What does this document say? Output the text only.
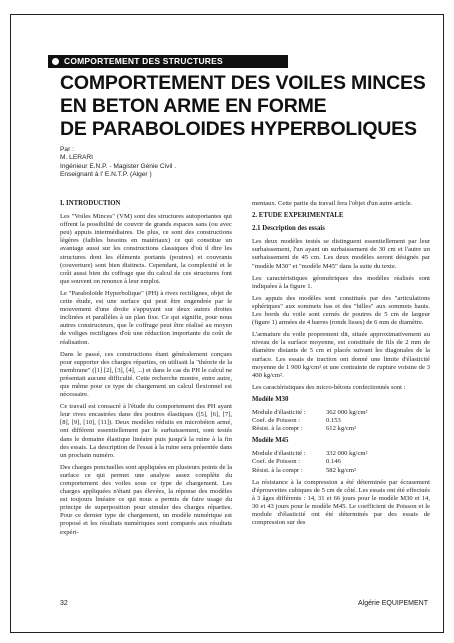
COMPORTEMENT DES STRUCTURES
COMPORTEMENT DES VOILES MINCES
EN BETON ARME EN FORME
DE PARABOLOIDES HYPERBOLIQUES
Par :
M. LERARI
Ingénieur E.N.P. - Magister Génie Civil .
Enseignant à l' E.N.T.P. (Alger )
I. INTRODUCTION

Les "Voiles Minces" (VM) sont des structures autoportantes qui offrent la possibilité de couvrir de grands espaces sans (ou avec peu) appuis intermédiaires. De plus, ce sont des constructions légères (faibles besoins en matériaux) ce qui constitue un avantage aussi sur les constructions classiques d'où il dire les structures dont les éléments portants (poutres) et couvrants (couverture) sont bien distincts. Cependant, la complexité et le coût aussi bien du coffrage que du calcul de ces structures font que souvent on renonce à leur emploi.

Le "Paraboloïde Hyperbolique" (PH) à rives rectilignes, objet de cette étude, est une surface qui peut être engendrée par le mouvement d'une droite s'appuyant sur deux autres droites inclinées et parallèles à un plan fixe. Ce qui signifie, pour nous autres constructeurs, que le coffrage peut être réalisé au moyen de voliges rectilignes d'où une réduction importante du coût de réalisation.

Dans le passé, ces constructions étant généralement conçues pour supporter des charges réparties, on utilisait la "théorie de la membrane" ([1] [2], [3], [4], ...) et dans le cas du PH le calcul ne présentait aucune difficulté. Cette recherche montre, entre autre, que même pour ce type de chargement un calcul flexionnel est nécessaire.

Ce travail est consacré à l'étude du comportement des PH ayant leur rives encastrées dans des poutres élastiques ([5], [6], [7], [8], [9], [10], [11]). Deux modèles réduits en microbéton armé, ont différent essentiellement par le surbaissement, sont testés dans le domaine élastique linéaire puis jusqu'à la ruine à la fin des essais. La description de l'essai à la ruine sera présentée dans un prochain numéro.

Des charges ponctuelles sont appliquées en plusieurs points de la surface ce qui permet une analyse assez complète du comportement des voiles sous ce type de chargement. Les charges appliquées n'étant pas élevées, la réponse des modèles est toujours linéaire ce qui nous a permis de faire usage du principe de superposition pour simuler des charges réparties. Pour ce dernier type de chargement, un modèle numérique est proposé et les résultats numériques sont comparés aux résultats expéri-

mentaux. Cette partie du travail fera l'objet d'un autre article.

2. ETUDE EXPERIMENTALE
2.1 Description des essais

Les deux modèles testés se distinguent essentiellement par leur surbaissement, l'un ayant un surbaissement de 30 cm et l'autre un surbaissement de 45 cm. Les deux modèles seront désignés par "modèle M30" et "modèle M45" dans la suite du texte.

Les caractéristiques géométriques des modèles réalisés sont indiquées à la figure 1.

Les appuis des modèles sont constitués par des "articulations sphériques" aux sommets bas et des "billes" aux sommets hauts. Les bords du voile sont cernés de poutres de 5 cm de largeur (figure 1) armées de 4 barres (ronds lisses) de 6 mm de diamètre.

L'armature du voile proprement dit, située approximativement au niveau de la surface moyenne, est constituée de fils de 2 mm de diamètre distants de 5 cm et placés suivant les diagonales de la surface. Les essais de traction ont donné une limite d'élasticité moyenne de 1 900 kg/cm² et une contrainte de rupture voisine de 3 400 kg/cm².

Les caractéristiques des micro-bétons confectionnés sont :

Modèle M30
Module d'élasticité :	362 000 kg/cm²
Coef. de Poisson :	0.153
Résist. à la compr :	612 kg/cm²
Modèle M45
Module d'élasticité :	332 000 kg/cm²
Coef. de Poisson :	0.146
Résist. à la compr :	582 kg/cm²

La résistance à la compression a été déterminée par écrasement d'éprouvettes cubiques de 5 cm de côté. Les essais ont été effectués à 3 âges différents : 14, 31 et 66 jours pour le modèle M30 et 14, 30 et 43 jours pour le modèle M45. Le coefficient de Poisson et le module d'élasticité ont été déterminés par des essais de compression sur des

32	Algérie EQUIPEMENT
